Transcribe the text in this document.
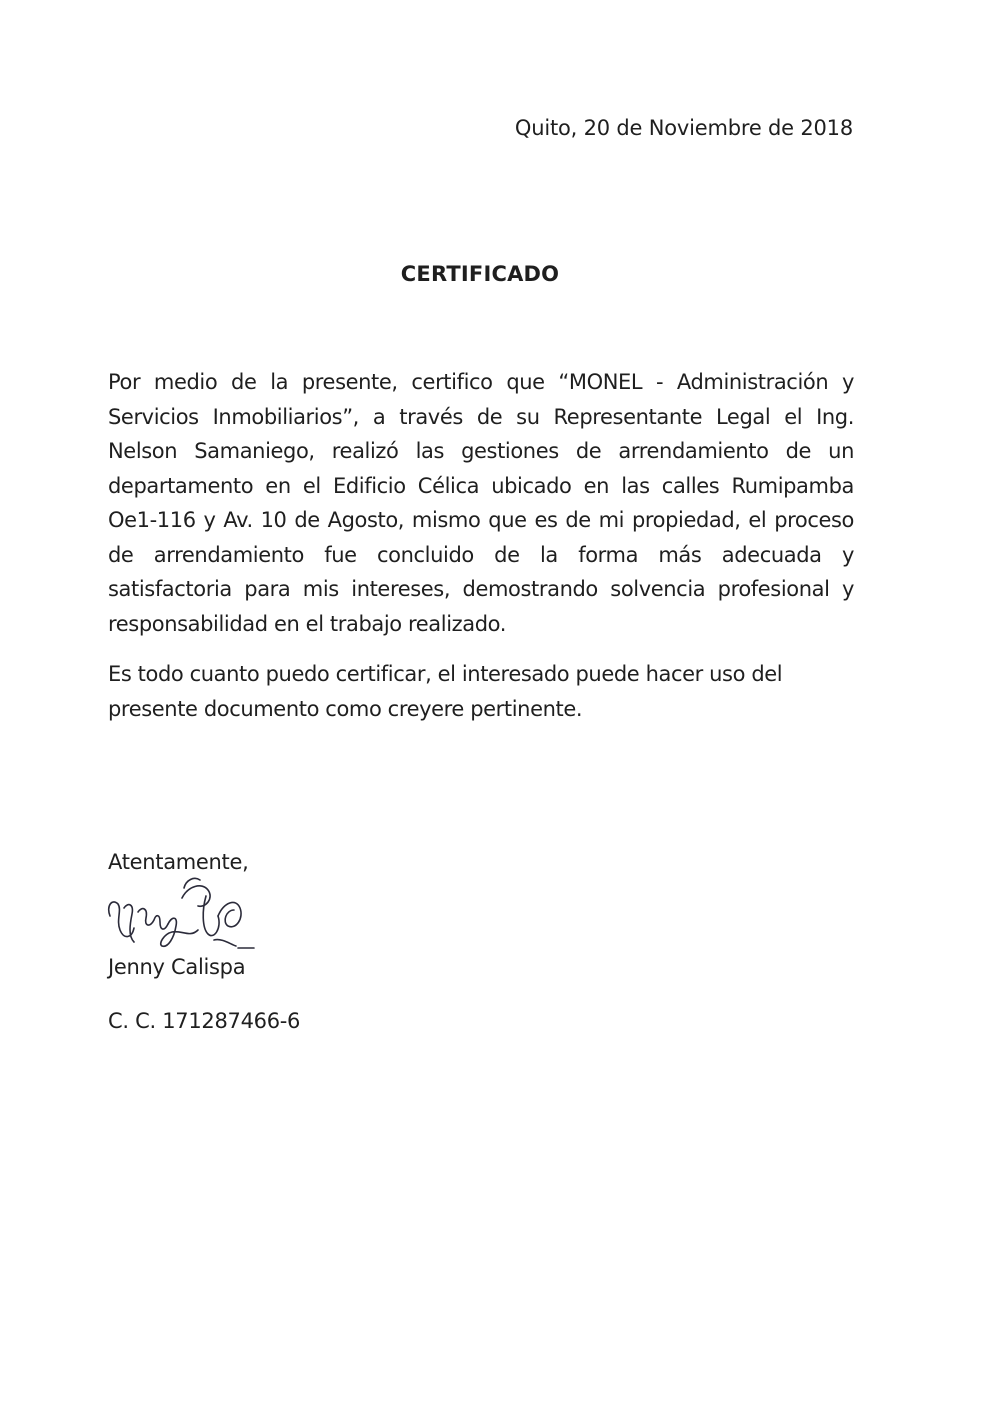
Quito, 20 de Noviembre de 2018
CERTIFICADO

Por medio de la presente, certifico que “MONEL - Administración y Servicios Inmobiliarios”, a través de su Representante Legal el Ing. Nelson Samaniego, realizó las gestiones de arrendamiento de un departamento en el Edificio Célica ubicado en las calles Rumipamba Oe1-116 y Av. 10 de Agosto, mismo que es de mi propiedad, el proceso de arrendamiento fue concluido de la forma más adecuada y satisfactoria para mis intereses, demostrando solvencia profesional y responsabilidad en el trabajo realizado.

Es todo cuanto puedo certificar, el interesado puede hacer uso del presente documento como creyere pertinente.

Atentamente,
Jenny Calispa
C. C. 171287466-6
